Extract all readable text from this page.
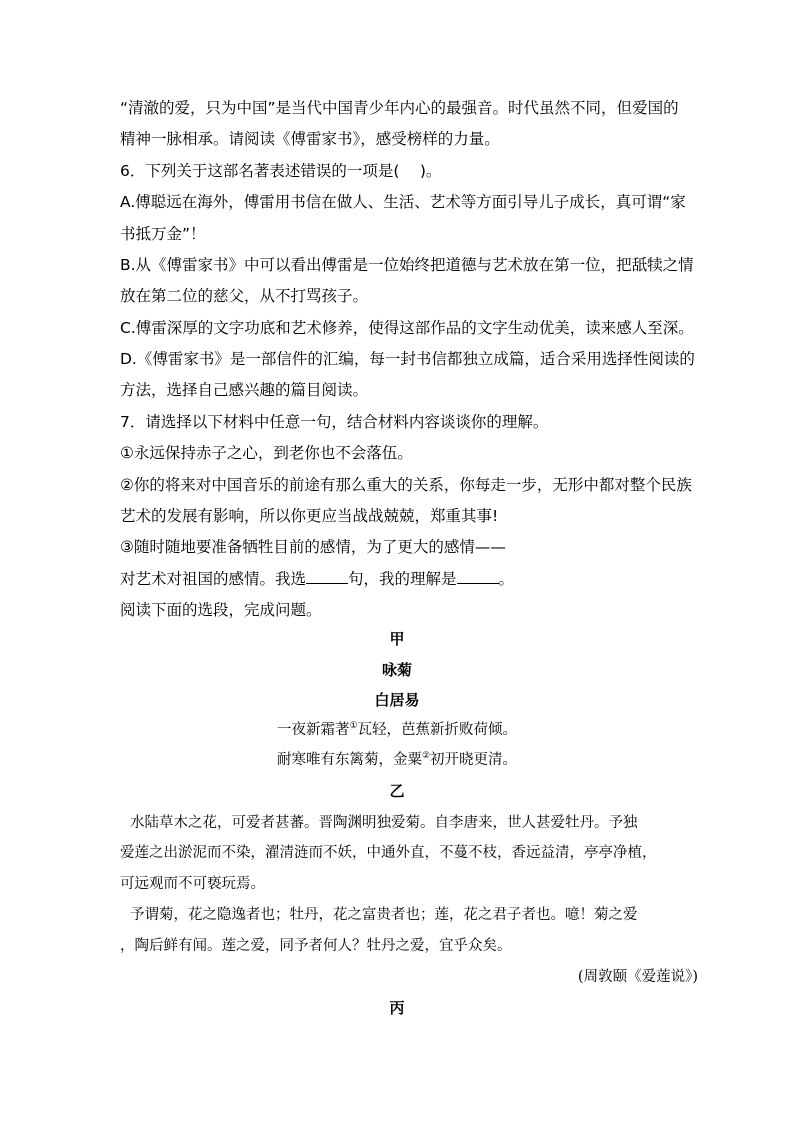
“清澈的爱，只为中国”是当代中国青少年内心的最强音。时代虽然不同，但爱国的
精神一脉相承。请阅读《傅雷家书》，感受榜样的力量。
6．下列关于这部名著表述错误的一项是(　 )。
A.傅聪远在海外，傅雷用书信在做人、生活、艺术等方面引导儿子成长，真可谓“家
书抵万金”！
B.从《傅雷家书》中可以看出傅雷是一位始终把道德与艺术放在第一位，把舐犊之情
放在第二位的慈父，从不打骂孩子。
C.傅雷深厚的文字功底和艺术修养，使得这部作品的文字生动优美，读来感人至深。
D.《傅雷家书》是一部信件的汇编，每一封书信都独立成篇，适合采用选择性阅读的
方法，选择自己感兴趣的篇目阅读。
7．请选择以下材料中任意一句，结合材料内容谈谈你的理解。
①永远保持赤子之心，到老你也不会落伍。
②你的将来对中国音乐的前途有那么重大的关系，你每走一步，无形中都对整个民族
艺术的发展有影响，所以你更应当战战兢兢，郑重其事!
③随时随地要准备牺牲目前的感情，为了更大的感情——
对艺术对祖国的感情。我选	句，我的理解是	。
阅读下面的选段，完成问题。
甲
咏菊
白居易
一夜新霜著①瓦轻，芭蕉新折败荷倾。
耐寒唯有东篱菊，金粟②初开晓更清。
乙
水陆草木之花，可爱者甚蕃。晋陶渊明独爱菊。自李唐来，世人甚爱牡丹。予独
爱莲之出淤泥而不染，濯清涟而不妖，中通外直，不蔓不枝，香远益清，亭亭净植，
可远观而不可亵玩焉。
予谓菊，花之隐逸者也；牡丹，花之富贵者也；莲，花之君子者也。噫！菊之爱
，陶后鲜有闻。莲之爱，同予者何人？牡丹之爱，宜乎众矣。
(周敦颐《爱莲说》)
丙
